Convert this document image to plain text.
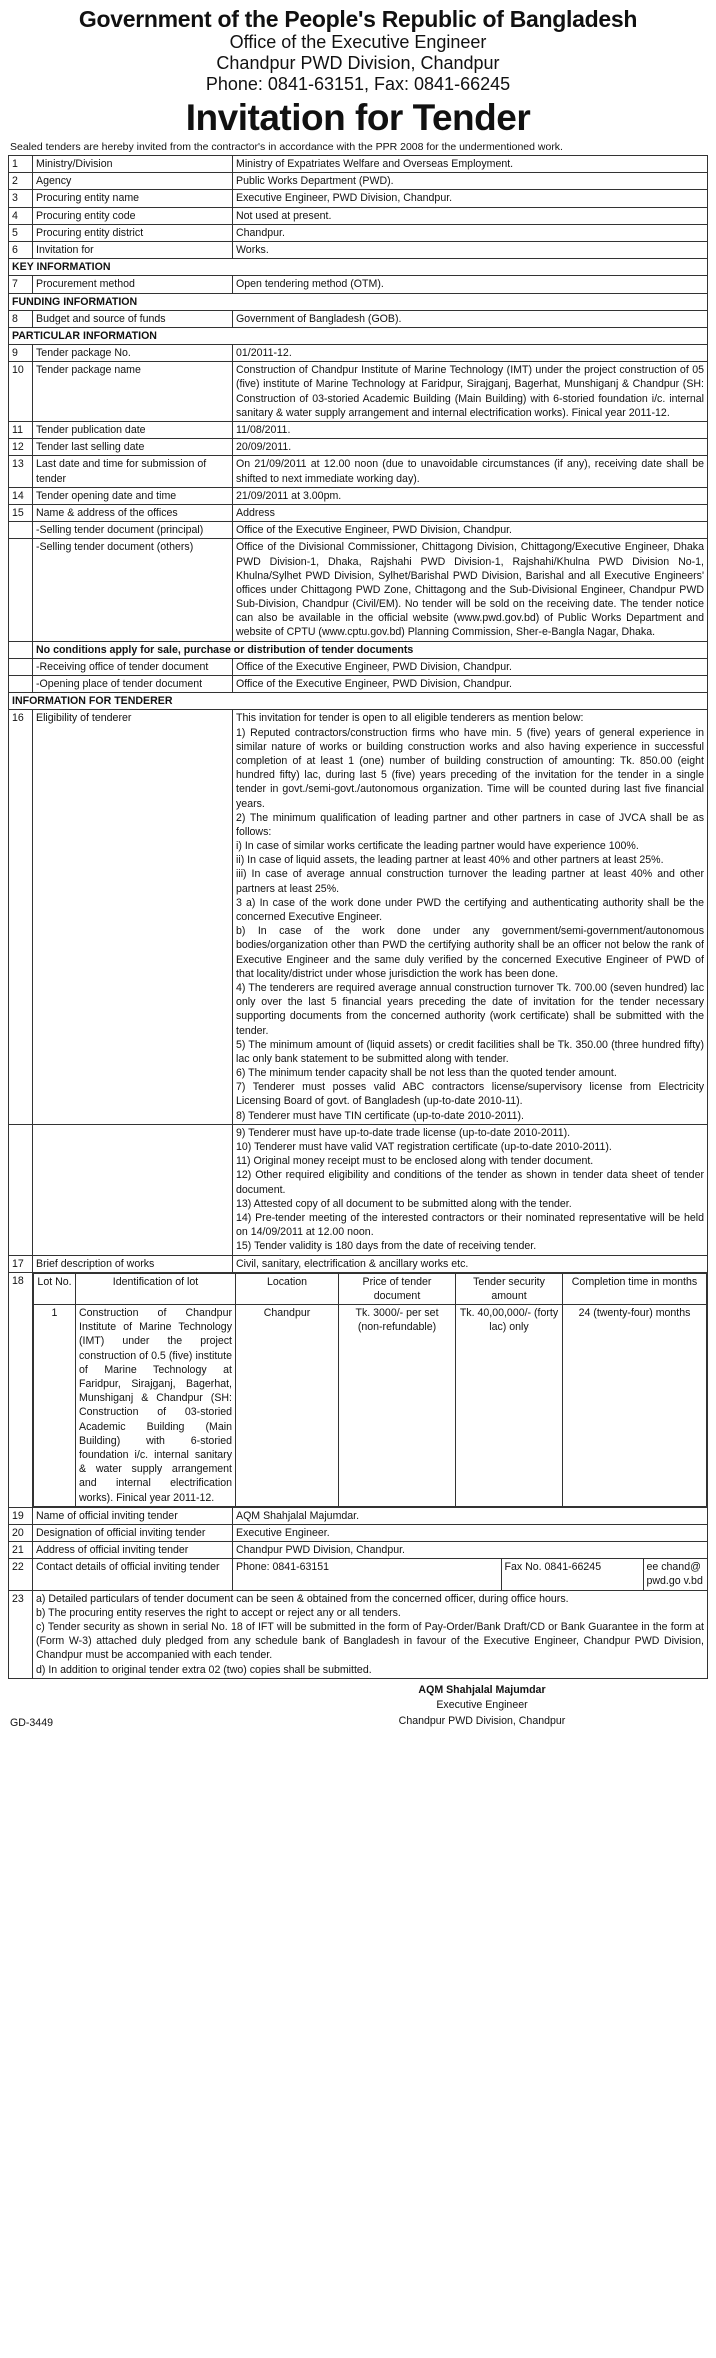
Government of the People's Republic of Bangladesh
Office of the Executive Engineer
Chandpur PWD Division, Chandpur
Phone: 0841-63151, Fax: 0841-66245
Invitation for Tender
Sealed tenders are hereby invited from the contractor's in accordance with the PPR 2008 for the undermentioned work.
1	Ministry/Division	Ministry of Expatriates Welfare and Overseas Employment.
2	Agency	Public Works Department (PWD).
3	Procuring entity name	Executive Engineer, PWD Division, Chandpur.
4	Procuring entity code	Not used at present.
5	Procuring entity district	Chandpur.
6	Invitation for	Works.
KEY INFORMATION
7	Procurement method	Open tendering method (OTM).
FUNDING INFORMATION
8	Budget and source of funds	Government of Bangladesh (GOB).
PARTICULAR INFORMATION
9	Tender package No.	01/2011-12.
10	Tender package name	Construction of Chandpur Institute of Marine Technology (IMT) under the project construction of 05 (five) institute of Marine Technology at Faridpur, Sirajganj, Bagerhat, Munshiganj & Chandpur (SH: Construction of 03-storied Academic Building (Main Building) with 6-storied foundation i/c. internal sanitary & water supply arrangement and internal electrification works). Finical year 2011-12.
11	Tender publication date	11/08/2011.
12	Tender last selling date	20/09/2011.
13	Last date and time for submission of tender	On 21/09/2011 at 12.00 noon (due to unavoidable circumstances (if any), receiving date shall be shifted to next immediate working day).
14	Tender opening date and time	21/09/2011 at 3.00pm.
15	Name & address of the offices	Address
	-Selling tender document (principal)	Office of the Executive Engineer, PWD Division, Chandpur.
	-Selling tender document (others)	Office of the Divisional Commissioner, Chittagong Division, Chittagong/Executive Engineer, Dhaka PWD Division-1, Dhaka, Rajshahi PWD Division-1, Rajshahi/Khulna PWD Division No-1, Khulna/Sylhet PWD Division, Sylhet/Barishal PWD Division, Barishal and all Executive Engineers' offices under Chittagong PWD Zone, Chittagong and the Sub-Divisional Engineer, Chandpur PWD Sub-Division, Chandpur (Civil/EM). No tender will be sold on the receiving date. The tender notice can also be available in the official website (www.pwd.gov.bd) of Public Works Department and website of CPTU (www.cptu.gov.bd) Planning Commission, Sher-e-Bangla Nagar, Dhaka.
	No conditions apply for sale, purchase or distribution of tender documents
	-Receiving office of tender document	Office of the Executive Engineer, PWD Division, Chandpur.
	-Opening place of tender document	Office of the Executive Engineer, PWD Division, Chandpur.
INFORMATION FOR TENDERER
16	Eligibility of tenderer	This invitation for tender is open to all eligible tenderers as mention below:
1) Reputed contractors/construction firms who have min. 5 (five) years of general experience in similar nature of works or building construction works and also having experience in successful completion of at least 1 (one) number of building construction of amounting: Tk. 850.00 (eight hundred fifty) lac, during last 5 (five) years preceding of the invitation for the tender in a single tender in govt./semi-govt./autonomous organization. Time will be counted during last five financial years.
2) The minimum qualification of leading partner and other partners in case of JVCA shall be as follows:
i) In case of similar works certificate the leading partner would have experience 100%.
ii) In case of liquid assets, the leading partner at least 40% and other partners at least 25%.
iii) In case of average annual construction turnover the leading partner at least 40% and other partners at least 25%.
3 a) In case of the work done under PWD the certifying and authenticating authority shall be the concerned Executive Engineer.
b) In case of the work done under any government/semi-government/autonomous bodies/organization other than PWD the certifying authority shall be an officer not below the rank of Executive Engineer and the same duly verified by the concerned Executive Engineer of PWD of that locality/district under whose jurisdiction the work has been done.
4) The tenderers are required average annual construction turnover Tk. 700.00 (seven hundred) lac only over the last 5 financial years preceding the date of invitation for the tender necessary supporting documents from the concerned authority (work certificate) shall be submitted with the tender.
5) The minimum amount of (liquid assets) or credit facilities shall be Tk. 350.00 (three hundred fifty) lac only bank statement to be submitted along with tender.
6) The minimum tender capacity shall be not less than the quoted tender amount.
7) Tenderer must posses valid ABC contractors license/supervisory license from Electricity Licensing Board of govt. of Bangladesh (up-to-date 2010-11).
8) Tenderer must have TIN certificate (up-to-date 2010-2011).

9) Tenderer must have up-to-date trade license (up-to-date 2010-2011).
10) Tenderer must have valid VAT registration certificate (up-to-date 2010-2011).
11) Original money receipt must to be enclosed along with tender document.
12) Other required eligibility and conditions of the tender as shown in tender data sheet of tender document.
13) Attested copy of all document to be submitted along with the tender.
14) Pre-tender meeting of the interested contractors or their nominated representative will be held on 14/09/2011 at 12.00 noon.
15) Tender validity is 180 days from the date of receiving tender.

17	Brief description of works	Civil, sanitary, electrification & ancillary works etc.
18	Lot No.	Identification of lot	Location	Price of tender document	Tender security amount	Completion time in months
1	Construction of Chandpur Institute of Marine Technology (IMT) under the project construction of 0.5 (five) institute of Marine Technology at Faridpur, Sirajganj, Bagerhat, Munshiganj & Chandpur (SH: Construction of 03-storied Academic Building (Main Building) with 6-storied foundation i/c. internal sanitary & water supply arrangement and internal electrification works). Finical year 2011-12.	Chandpur	Tk. 3000/- per set (non-refundable)	Tk. 40,00,000/- (forty lac) only	24 (twenty-four) months

19	Name of official inviting tender	AQM Shahjalal Majumdar.
20	Designation of official inviting tender	Executive Engineer.
21	Address of official inviting tender	Chandpur PWD Division, Chandpur.
22	Contact details of official inviting tender	Phone: 0841-63151		Fax No. 0841-66245	ee chand@pwd.go v.bd

23	a) Detailed particulars of tender document can be seen & obtained from the concerned officer, during office hours.
b) The procuring entity reserves the right to accept or reject any or all tenders.
c) Tender security as shown in serial No. 18 of IFT will be submitted in the form of Pay-Order/Bank Draft/CD or Bank Guarantee in the form at (Form W-3) attached duly pledged from any schedule bank of Bangladesh in favour of the Executive Engineer, Chandpur PWD Division, Chandpur must be accompanied with each tender.
d) In addition to original tender extra 02 (two) copies shall be submitted.
GD-3449
AQM Shahjalal Majumdar
Executive Engineer
Chandpur PWD Division, Chandpur
